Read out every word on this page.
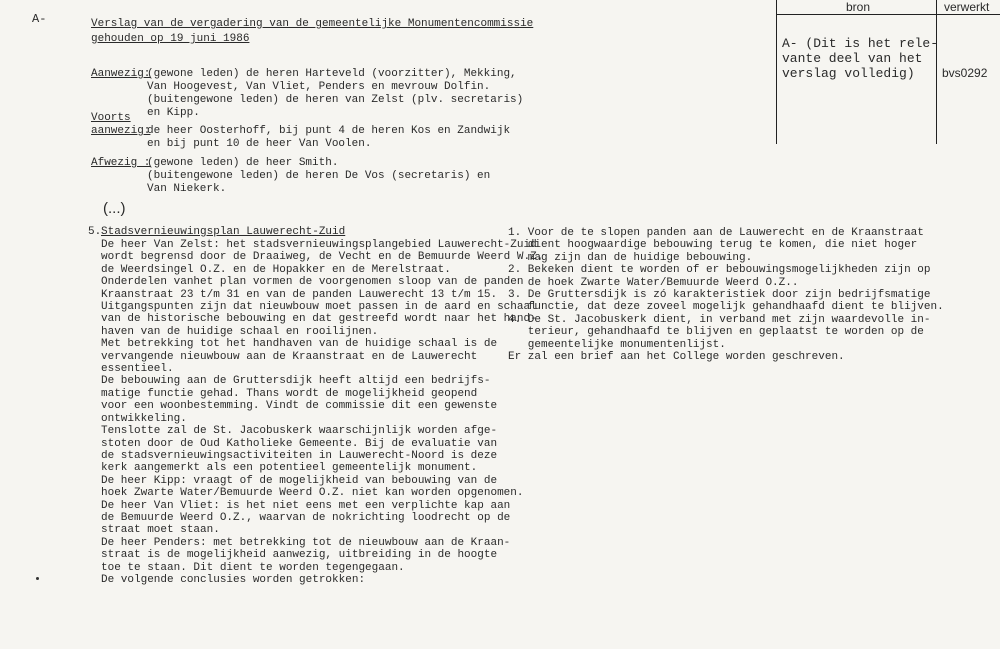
A-	Verslag van de vergadering van de gemeentelijke Monumentencommissie
gehouden op 19 juni 1986
Aanwezig:
(gewone leden) de heren Harteveld (voorzitter), Mekking,
Van Hoogevest, Van Vliet, Penders en mevrouw Dolfin.
(buitengewone leden) de heren van Zelst (plv. secretaris)
en Kipp.
Voorts
aanwezig:
de heer Oosterhoff, bij punt 4 de heren Kos en Zandwijk
en bij punt 10 de heer Van Voolen.
Afwezig :
(gewone leden) de heer Smith.
(buitengewone leden) de heren De Vos (secretaris) en
Van Niekerk.
(...)
bron	verwerkt
A- (Dit is het rele-
vante deel van het
verslag volledig)	bvs0292
5. Stadsvernieuwingsplan Lauwerecht-Zuid
De heer Van Zelst: het stadsvernieuwingsplangebied Lauwerecht-Zuid
wordt begrensd door de Draaiweg, de Vecht en de Bemuurde Weerd W.Z.
de Weerdsingel O.Z. en de Hopakker en de Merelstraat.
Onderdelen vanhet plan vormen de voorgenomen sloop van de panden
Kraanstraat 23 t/m 31 en van de panden Lauwerecht 13 t/m 15.
Uitgangspunten zijn dat nieuwbouw moet passen in de aard en schaal
van de historische bebouwing en dat gestreefd wordt naar het hand-
haven van de huidige schaal en rooilijnen.
Met betrekking tot het handhaven van de huidige schaal is de
vervangende nieuwbouw aan de Kraanstraat en de Lauwerecht
essentieel.
De bebouwing aan de Gruttersdijk heeft altijd een bedrijfs-
matige functie gehad. Thans wordt de mogelijkheid geopend
voor een woonbestemming. Vindt de commissie dit een gewenste
ontwikkeling.
Tenslotte zal de St. Jacobuskerk waarschijnlijk worden afge-
stoten door de Oud Katholieke Gemeente. Bij de evaluatie van
de stadsvernieuwingsactiviteiten in Lauwerecht-Noord is deze
kerk aangemerkt als een potentieel gemeentelijk monument.
De heer Kipp: vraagt of de mogelijkheid van bebouwing van de
hoek Zwarte Water/Bemuurde Weerd O.Z. niet kan worden opgenomen.
De heer Van Vliet: is het niet eens met een verplichte kap aan
de Bemuurde Weerd O.Z., waarvan de nokrichting loodrecht op de
straat moet staan.
De heer Penders: met betrekking tot de nieuwbouw aan de Kraan-
straat is de mogelijkheid aanwezig, uitbreiding in de hoogte
toe te staan. Dit dient te worden tegengegaan.
De volgende conclusies worden getrokken:
1. Voor de te slopen panden aan de Lauwerecht en de Kraanstraat
dient hoogwaardige bebouwing terug te komen, die niet hoger
mag zijn dan de huidige bebouwing.
2. Bekeken dient te worden of er bebouwingsmogelijkheden zijn op
de hoek Zwarte Water/Bemuurde Weerd O.Z..
3. De Gruttersdijk is zó karakteristiek door zijn bedrijfsmatige
functie, dat deze zoveel mogelijk gehandhaafd dient te blijven.
4. De St. Jacobuskerk dient, in verband met zijn waardevolle in-
terieur, gehandhaafd te blijven en geplaatst te worden op de
gemeentelijke monumentenlijst.
Er zal een brief aan het College worden geschreven.
